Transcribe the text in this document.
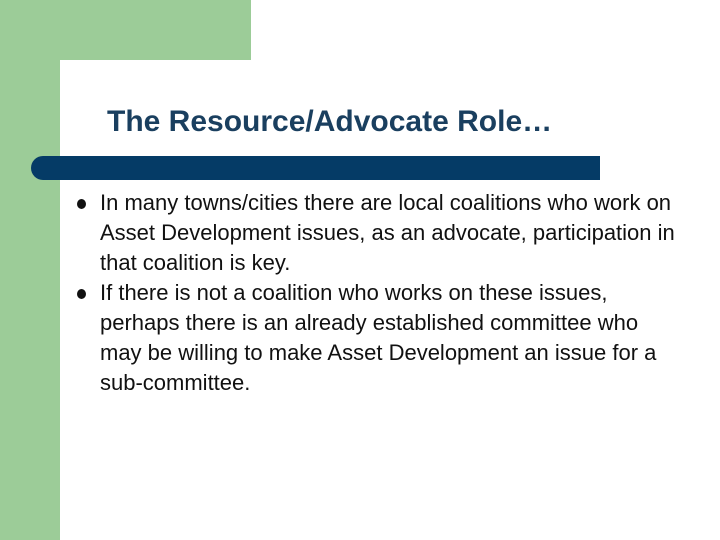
The Resource/Advocate Role…
In many towns/cities there are local coalitions who work on Asset Development issues, as an advocate, participation in that coalition is key.
If there is not a coalition who works on these issues, perhaps there is an already established committee who may be willing to make Asset Development an issue for a sub-committee.
